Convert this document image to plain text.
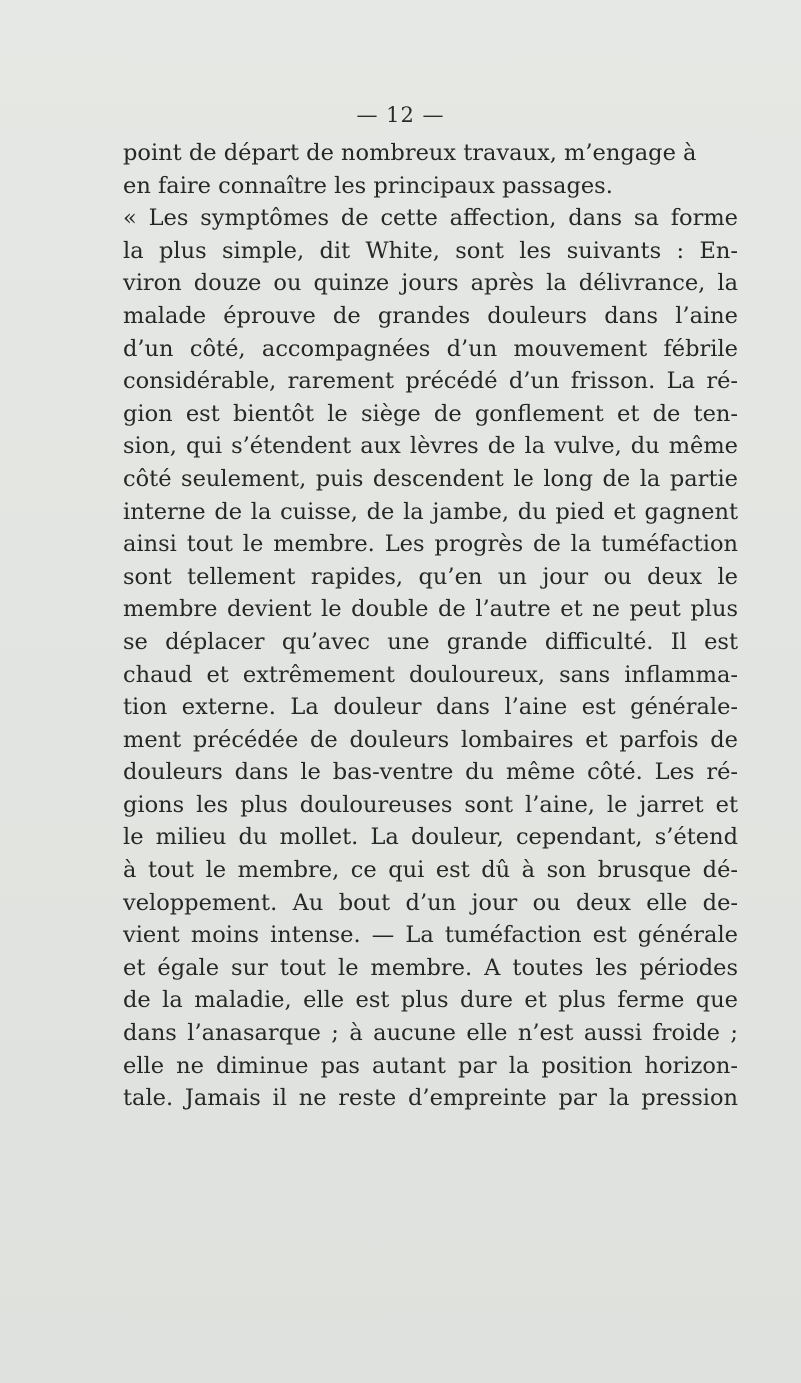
— 12 —
point de départ de nombreux travaux, m’engage à
en faire connaître les principaux passages.
« Les symptômes de cette affection, dans sa forme
la plus simple, dit White, sont les suivants : En-
viron douze ou quinze jours après la délivrance, la
malade éprouve de grandes douleurs dans l’aine
d’un côté, accompagnées d’un mouvement fébrile
considérable, rarement précédé d’un frisson. La ré-
gion est bientôt le siège de gonflement et de ten-
sion, qui s’étendent aux lèvres de la vulve, du même
côté seulement, puis descendent le long de la partie
interne de la cuisse, de la jambe, du pied et gagnent
ainsi tout le membre. Les progrès de la tuméfaction
sont tellement rapides, qu’en un jour ou deux le
membre devient le double de l’autre et ne peut plus
se déplacer qu’avec une grande difficulté. Il est
chaud et extrêmement douloureux, sans inflamma-
tion externe. La douleur dans l’aine est générale-
ment précédée de douleurs lombaires et parfois de
douleurs dans le bas-ventre du même côté. Les ré-
gions les plus douloureuses sont l’aine, le jarret et
le milieu du mollet. La douleur, cependant, s’étend
à tout le membre, ce qui est dû à son brusque dé-
veloppement. Au bout d’un jour ou deux elle de-
vient moins intense. — La tuméfaction est générale
et égale sur tout le membre. A toutes les périodes
de la maladie, elle est plus dure et plus ferme que
dans l’anasarque ; à aucune elle n’est aussi froide ;
elle ne diminue pas autant par la position horizon-
tale. Jamais il ne reste d’empreinte par la pression
